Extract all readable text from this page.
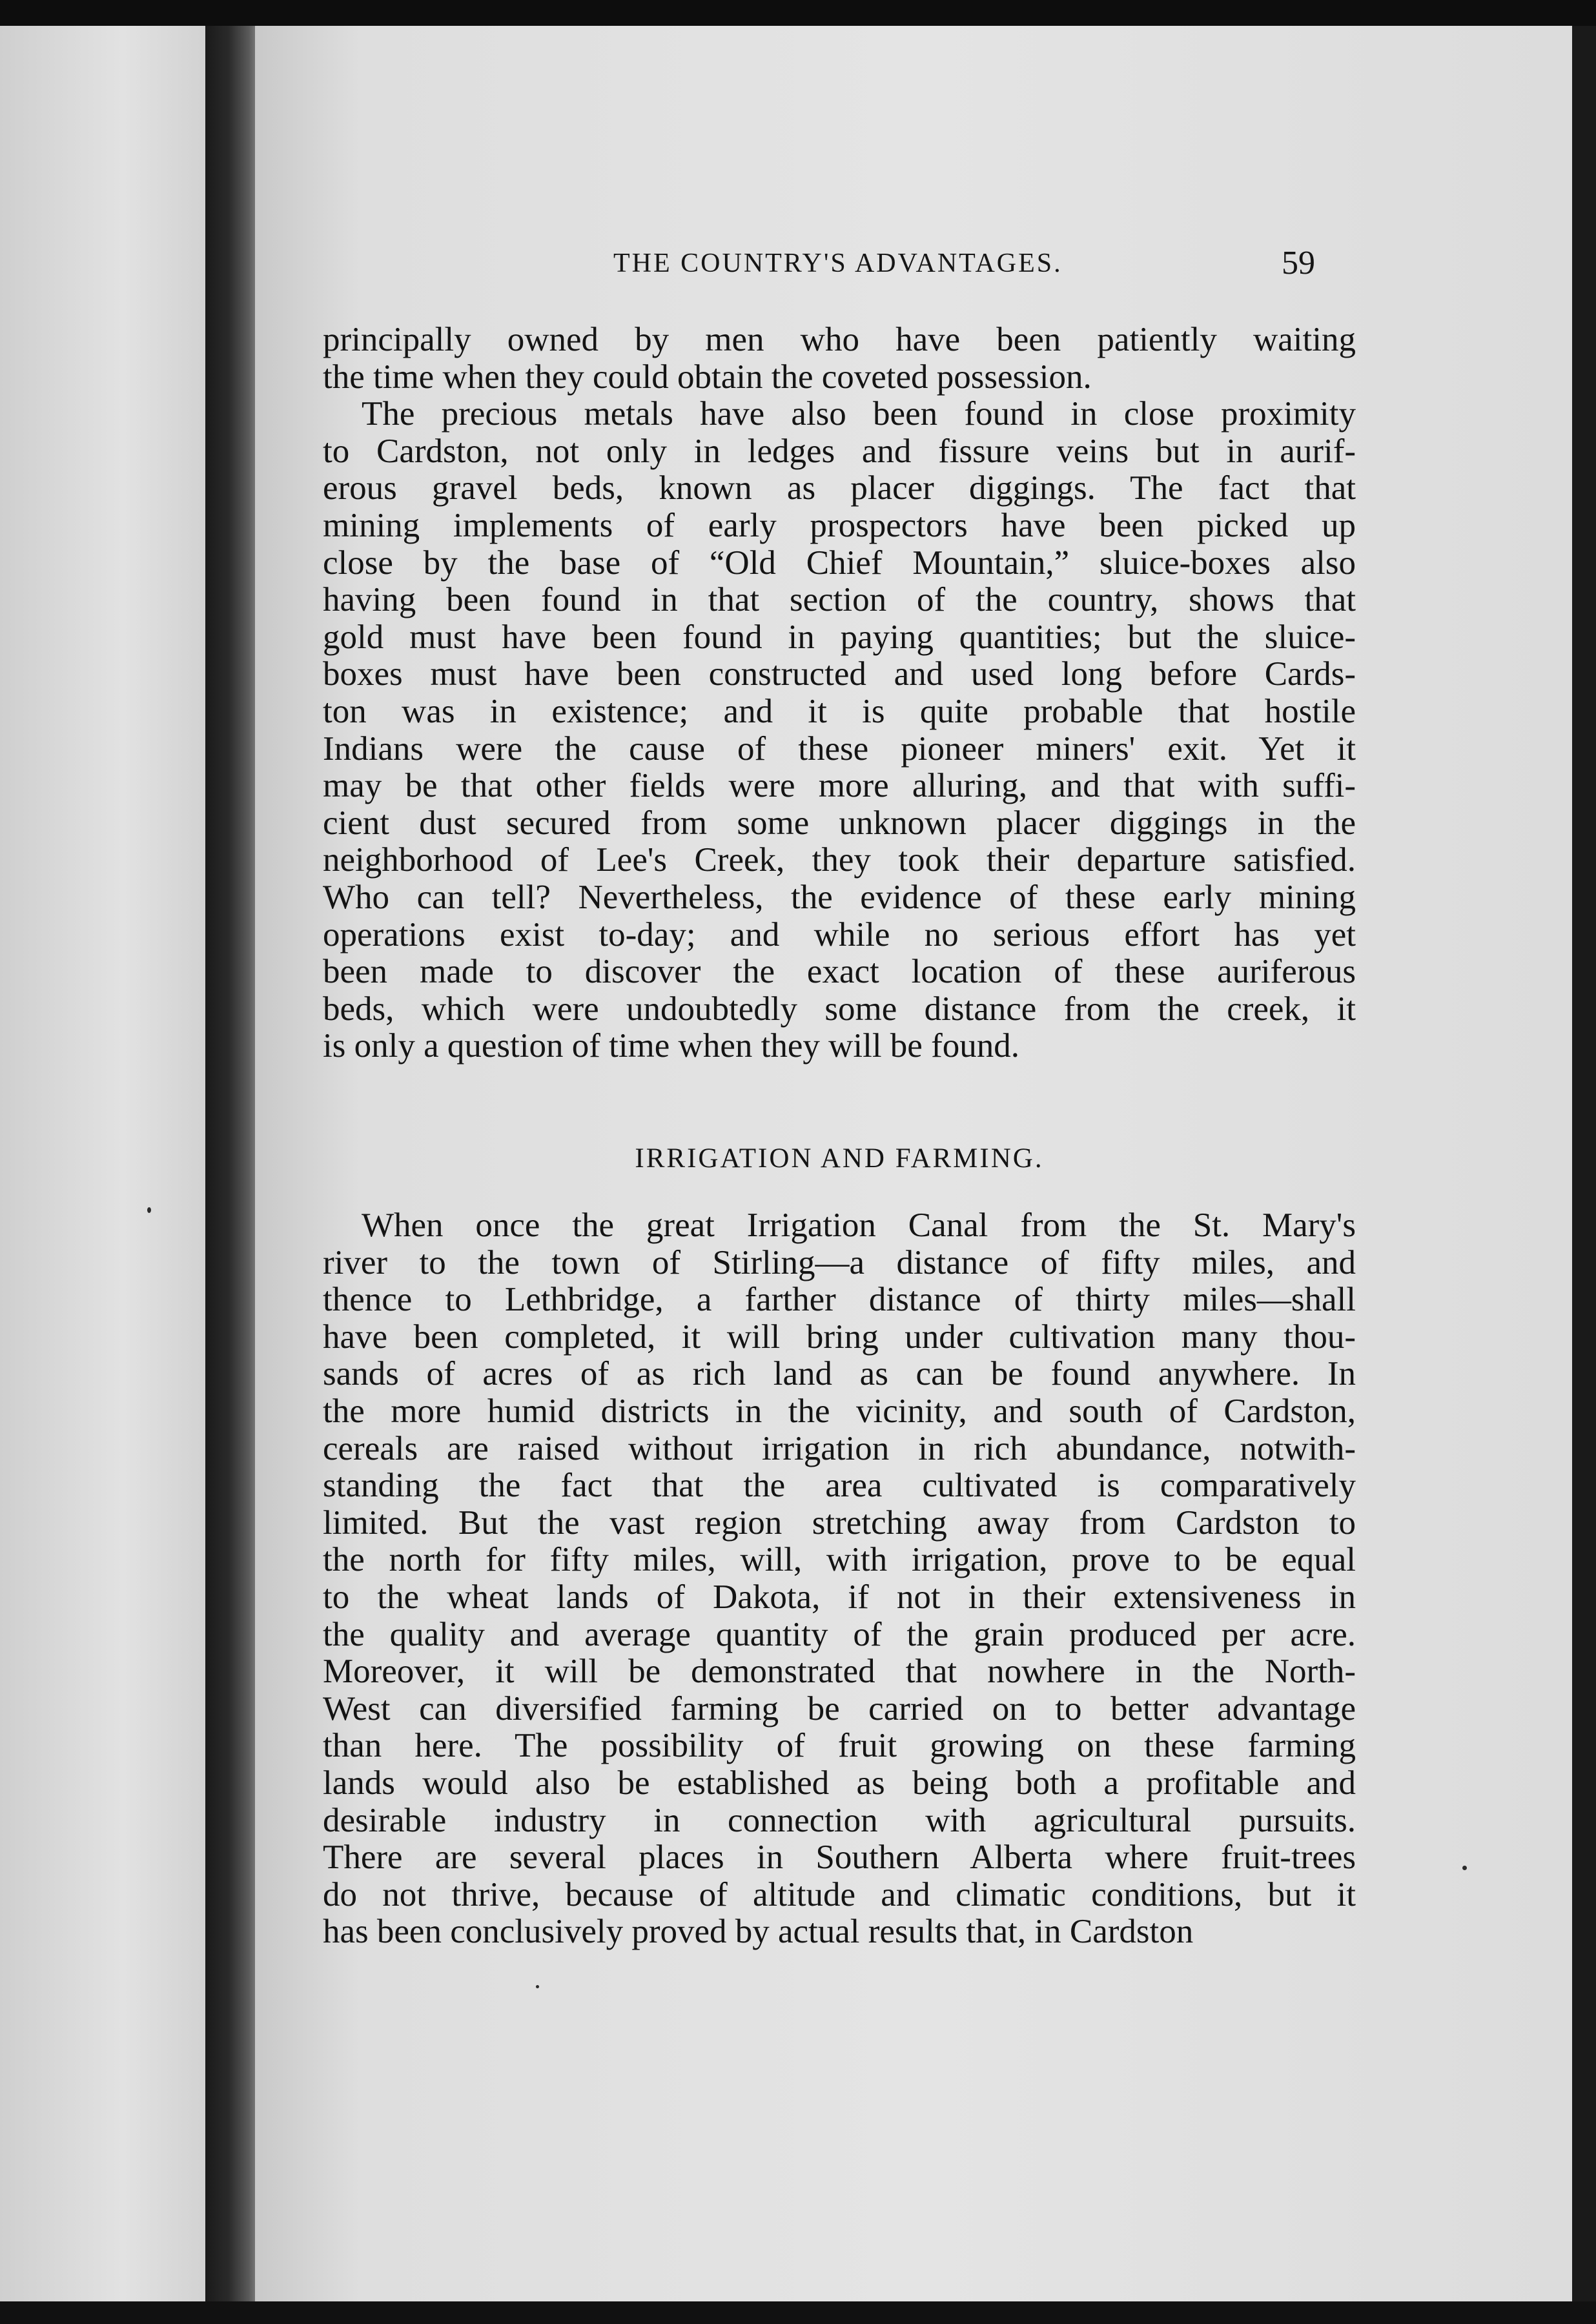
THE COUNTRY'S ADVANTAGES.	59
principally owned by men who have been patiently waiting
the time when they could obtain the coveted possession.
The precious metals have also been found in close proximity
to Cardston, not only in ledges and fissure veins but in aurif-
erous gravel beds, known as placer diggings. The fact that
mining implements of early prospectors have been picked up
close by the base of “Old Chief Mountain,” sluice-boxes also
having been found in that section of the country, shows that
gold must have been found in paying quantities; but the sluice-
boxes must have been constructed and used long before Cards-
ton was in existence; and it is quite probable that hostile
Indians were the cause of these pioneer miners' exit. Yet it
may be that other fields were more alluring, and that with suffi-
cient dust secured from some unknown placer diggings in the
neighborhood of Lee's Creek, they took their departure satisfied.
Who can tell? Nevertheless, the evidence of these early mining
operations exist to-day; and while no serious effort has yet
been made to discover the exact location of these auriferous
beds, which were undoubtedly some distance from the creek, it
is only a question of time when they will be found.
IRRIGATION AND FARMING.
When once the great Irrigation Canal from the St. Mary's
river to the town of Stirling—a distance of fifty miles, and
thence to Lethbridge, a farther distance of thirty miles—shall
have been completed, it will bring under cultivation many thou-
sands of acres of as rich land as can be found anywhere. In
the more humid districts in the vicinity, and south of Cardston,
cereals are raised without irrigation in rich abundance, notwith-
standing the fact that the area cultivated is comparatively
limited. But the vast region stretching away from Cardston to
the north for fifty miles, will, with irrigation, prove to be equal
to the wheat lands of Dakota, if not in their extensiveness in
the quality and average quantity of the grain produced per acre.
Moreover, it will be demonstrated that nowhere in the North-
West can diversified farming be carried on to better advantage
than here. The possibility of fruit growing on these farming
lands would also be established as being both a profitable and
desirable industry in connection with agricultural pursuits.
There are several places in Southern Alberta where fruit-trees
do not thrive, because of altitude and climatic conditions, but it
has been conclusively proved by actual results that, in Cardston
